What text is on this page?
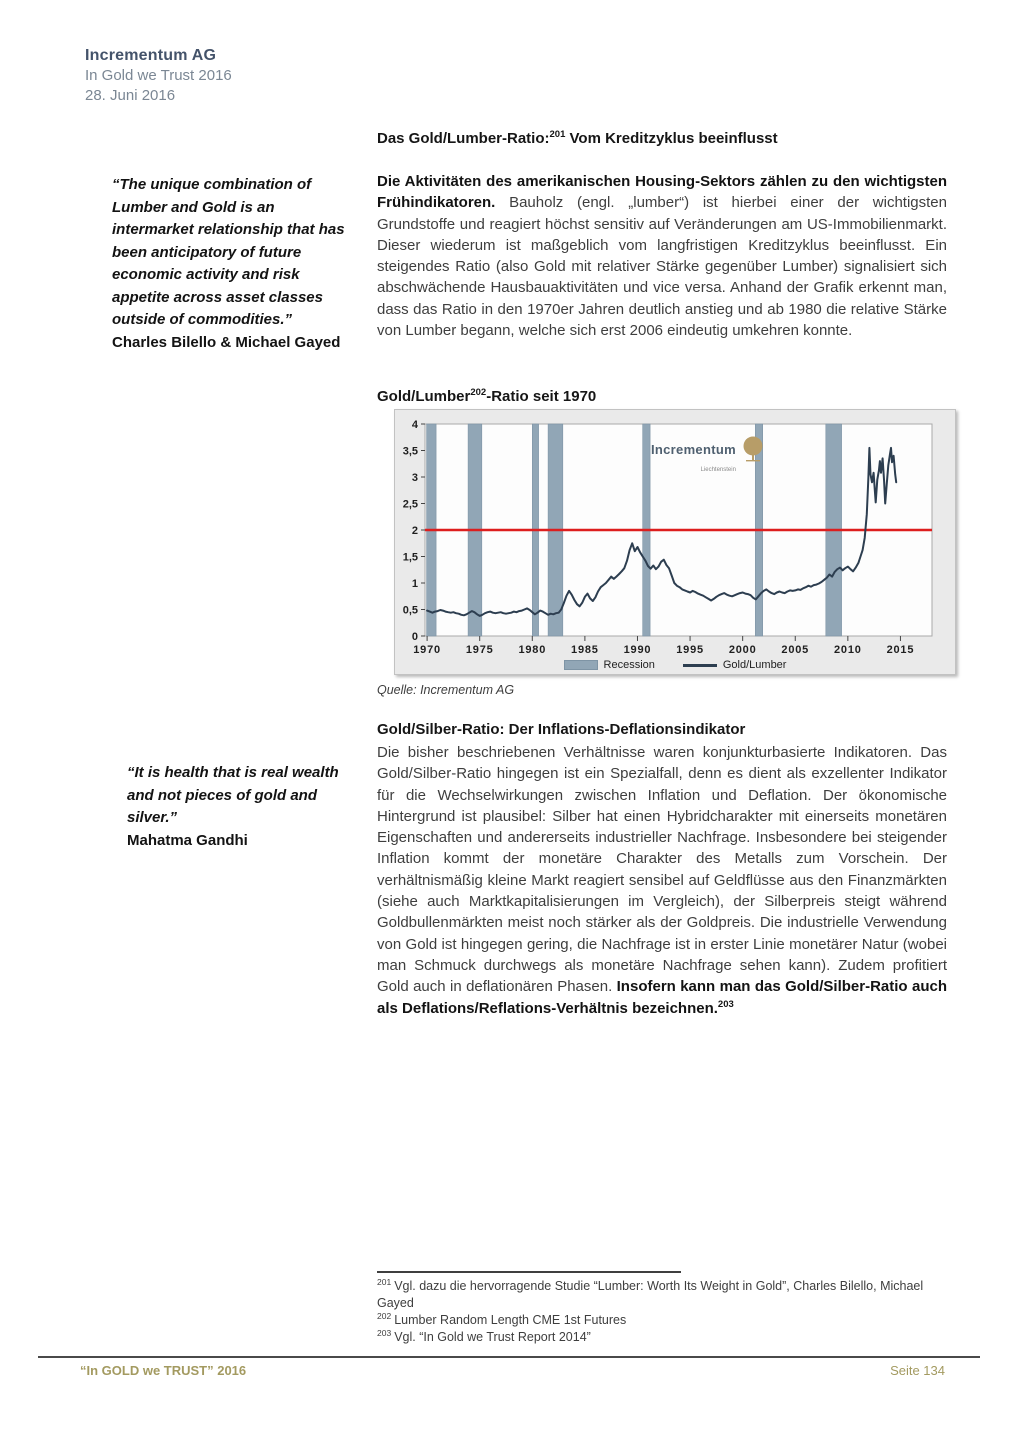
Incrementum AG
In Gold we Trust 2016
28. Juni 2016
“The unique combination of Lumber and Gold is an intermarket relationship that has been anticipatory of future economic activity and risk appetite across asset classes outside of commodities.”
Charles Bilello & Michael Gayed
Das Gold/Lumber-Ratio:$^{201}$ Vom Kreditzyklus beeinflusst

Die Aktivitäten des amerikanischen Housing-Sektors zählen zu den wichtigsten Frühindikatoren. Bauholz (engl. „lumber“) ist hierbei einer der wichtigsten Grundstoffe und reagiert höchst sensitiv auf Veränderungen am US-Immobilienmarkt. Dieser wiederum ist maßgeblich vom langfristigen Kreditzyklus beeinflusst. Ein steigendes Ratio (also Gold mit relativer Stärke gegenüber Lumber) signalisiert sich abschwächende Hausbauaktivitäten und vice versa. Anhand der Grafik erkennt man, dass das Ratio in den 1970er Jahren deutlich anstieg und ab 1980 die relative Stärke von Lumber begann, welche sich erst 2006 eindeutig umkehren konnte.

Gold/Lumber$^{202}$-Ratio seit 1970
0
0,5
1
1,5
2
2,5
3
3,5
4
1970 1975 1980 1985 1990 1995 2000 2005 2010 2015
Recession	Gold/Lumber
Incrementum
Liechtenstein
Quelle: Incrementum AG
“It is health that is real wealth and not pieces of gold and silver.”
Mahatma Gandhi
Gold/Silber-Ratio: Der Inflations-Deflationsindikator

Die bisher beschriebenen Verhältnisse waren konjunkturbasierte Indikatoren. Das Gold/Silber-Ratio hingegen ist ein Spezialfall, denn es dient als exzellenter Indikator für die Wechselwirkungen zwischen Inflation und Deflation. Der ökonomische Hintergrund ist plausibel: Silber hat einen Hybridcharakter mit einerseits monetären Eigenschaften und andererseits industrieller Nachfrage. Insbesondere bei steigender Inflation kommt der monetäre Charakter des Metalls zum Vorschein. Der verhältnismäßig kleine Markt reagiert sensibel auf Geldflüsse aus den Finanzmärkten (siehe auch Marktkapitalisierungen im Vergleich), der Silberpreis steigt während Goldbullenmärkten meist noch stärker als der Goldpreis. Die industrielle Verwendung von Gold ist hingegen gering, die Nachfrage ist in erster Linie monetärer Natur (wobei man Schmuck durchwegs als monetäre Nachfrage sehen kann). Zudem profitiert Gold auch in deflationären Phasen. Insofern kann man das Gold/Silber-Ratio auch als Deflations/Reflations-Verhältnis bezeichnen.$^{203}$

$^{201}$ Vgl. dazu die hervorragende Studie “Lumber: Worth Its Weight in Gold”, Charles Bilello, Michael Gayed
$^{202}$ Lumber Random Length CME 1st Futures
$^{203}$ Vgl. “In Gold we Trust Report 2014”
“In GOLD we TRUST” 2016	Seite 134
